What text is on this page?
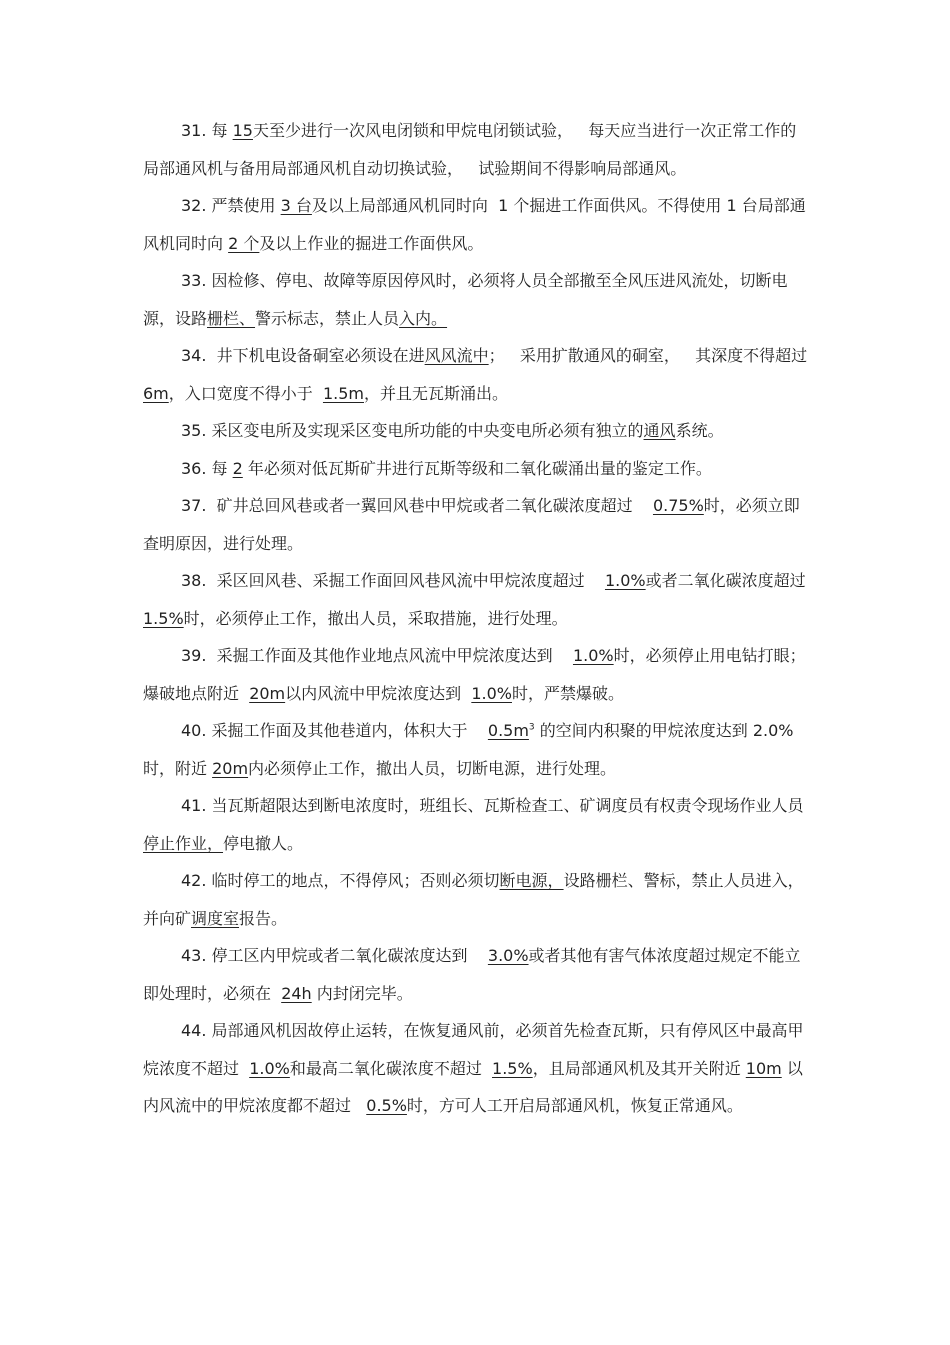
31. 每 15天至少进行一次风电闭锁和甲烷电闭锁试验，   每天应当进行一次正常工作的局部通风机与备用局部通风机自动切换试验，   试验期间不得影响局部通风。

32. 严禁使用 3 台及以上局部通风机同时向  1 个掘进工作面供风。不得使用 1 台局部通风机同时向 2 个及以上作业的掘进工作面供风。

33. 因检修、停电、故障等原因停风时，必须将人员全部撤至全风压进风流处，切断电源，设路栅栏、警示标志，禁止人员入内。

34.  井下机电设备硐室必须设在进风风流中；   采用扩散通风的硐室，   其深度不得超过 6m，入口宽度不得小于  1.5m，并且无瓦斯涌出。

35. 采区变电所及实现采区变电所功能的中央变电所必须有独立的通风系统。

36. 每 2 年必须对低瓦斯矿井进行瓦斯等级和二氧化碳涌出量的鉴定工作。

37.  矿井总回风巷或者一翼回风巷中甲烷或者二氧化碳浓度超过    0.75%时，必须立即查明原因，进行处理。

38.  采区回风巷、采掘工作面回风巷风流中甲烷浓度超过    1.0%或者二氧化碳浓度超过 1.5%时，必须停止工作，撤出人员，采取措施，进行处理。

39.  采掘工作面及其他作业地点风流中甲烷浓度达到    1.0%时，必须停止用电钻打眼；爆破地点附近  20m以内风流中甲烷浓度达到  1.0%时，严禁爆破。

40. 采掘工作面及其他巷道内，体积大于    $0.5m^3$ 的空间内积聚的甲烷浓度达到 2.0%时，附近 20m内必须停止工作，撤出人员，切断电源，进行处理。

41. 当瓦斯超限达到断电浓度时，班组长、瓦斯检查工、矿调度员有权责令现场作业人员停止作业，停电撤人。

42. 临时停工的地点，不得停风；否则必须切断电源，设路栅栏、警标，禁止人员进入，并向矿调度室报告。

43. 停工区内甲烷或者二氧化碳浓度达到    3.0%或者其他有害气体浓度超过规定不能立即处理时，必须在  24h 内封闭完毕。

44. 局部通风机因故停止运转，在恢复通风前，必须首先检查瓦斯，只有停风区中最高甲烷浓度不超过  1.0%和最高二氧化碳浓度不超过  1.5%，且局部通风机及其开关附近 10m 以内风流中的甲烷浓度都不超过   0.5%时，方可人工开启局部通风机，恢复正常通风。
